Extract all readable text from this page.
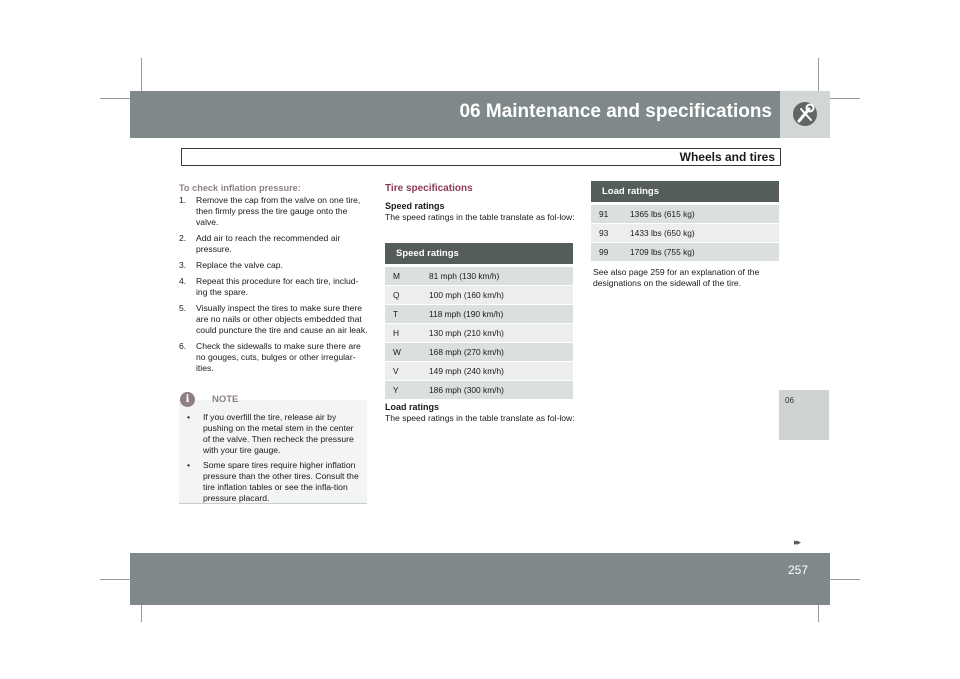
06 Maintenance and specifications
Wheels and tires
06
▸▸
257
To check inflation pressure:
1. Remove the cap from the valve on one tire, then firmly press the tire gauge onto the valve.
2. Add air to reach the recommended air pressure.
3. Replace the valve cap.
4. Repeat this procedure for each tire, includ-ing the spare.
5. Visually inspect the tires to make sure there are no nails or other objects embedded that could puncture the tire and cause an air leak.
6. Check the sidewalls to make sure there are no gouges, cuts, bulges or other irregular-ities.
i	NOTE
• If you overfill the tire, release air by pushing on the metal stem in the center of the valve. Then recheck the pressure with your tire gauge.
• Some spare tires require higher inflation pressure than the other tires. Consult the tire inflation tables or see the infla-tion pressure placard.
Tire specifications
Speed ratings
The speed ratings in the table translate as fol-low:
Speed ratings
M	81 mph (130 km/h)
Q	100 mph (160 km/h)
T	118 mph (190 km/h)
H	130 mph (210 km/h)
W	168 mph (270 km/h)
V	149 mph (240 km/h)
Y	186 mph (300 km/h)
Load ratings
The speed ratings in the table translate as fol-low:
Load ratings
91	1365 lbs (615 kg)
93	1433 lbs (650 kg)
99	1709 lbs (755 kg)
See also page 259 for an explanation of the designations on the sidewall of the tire.
